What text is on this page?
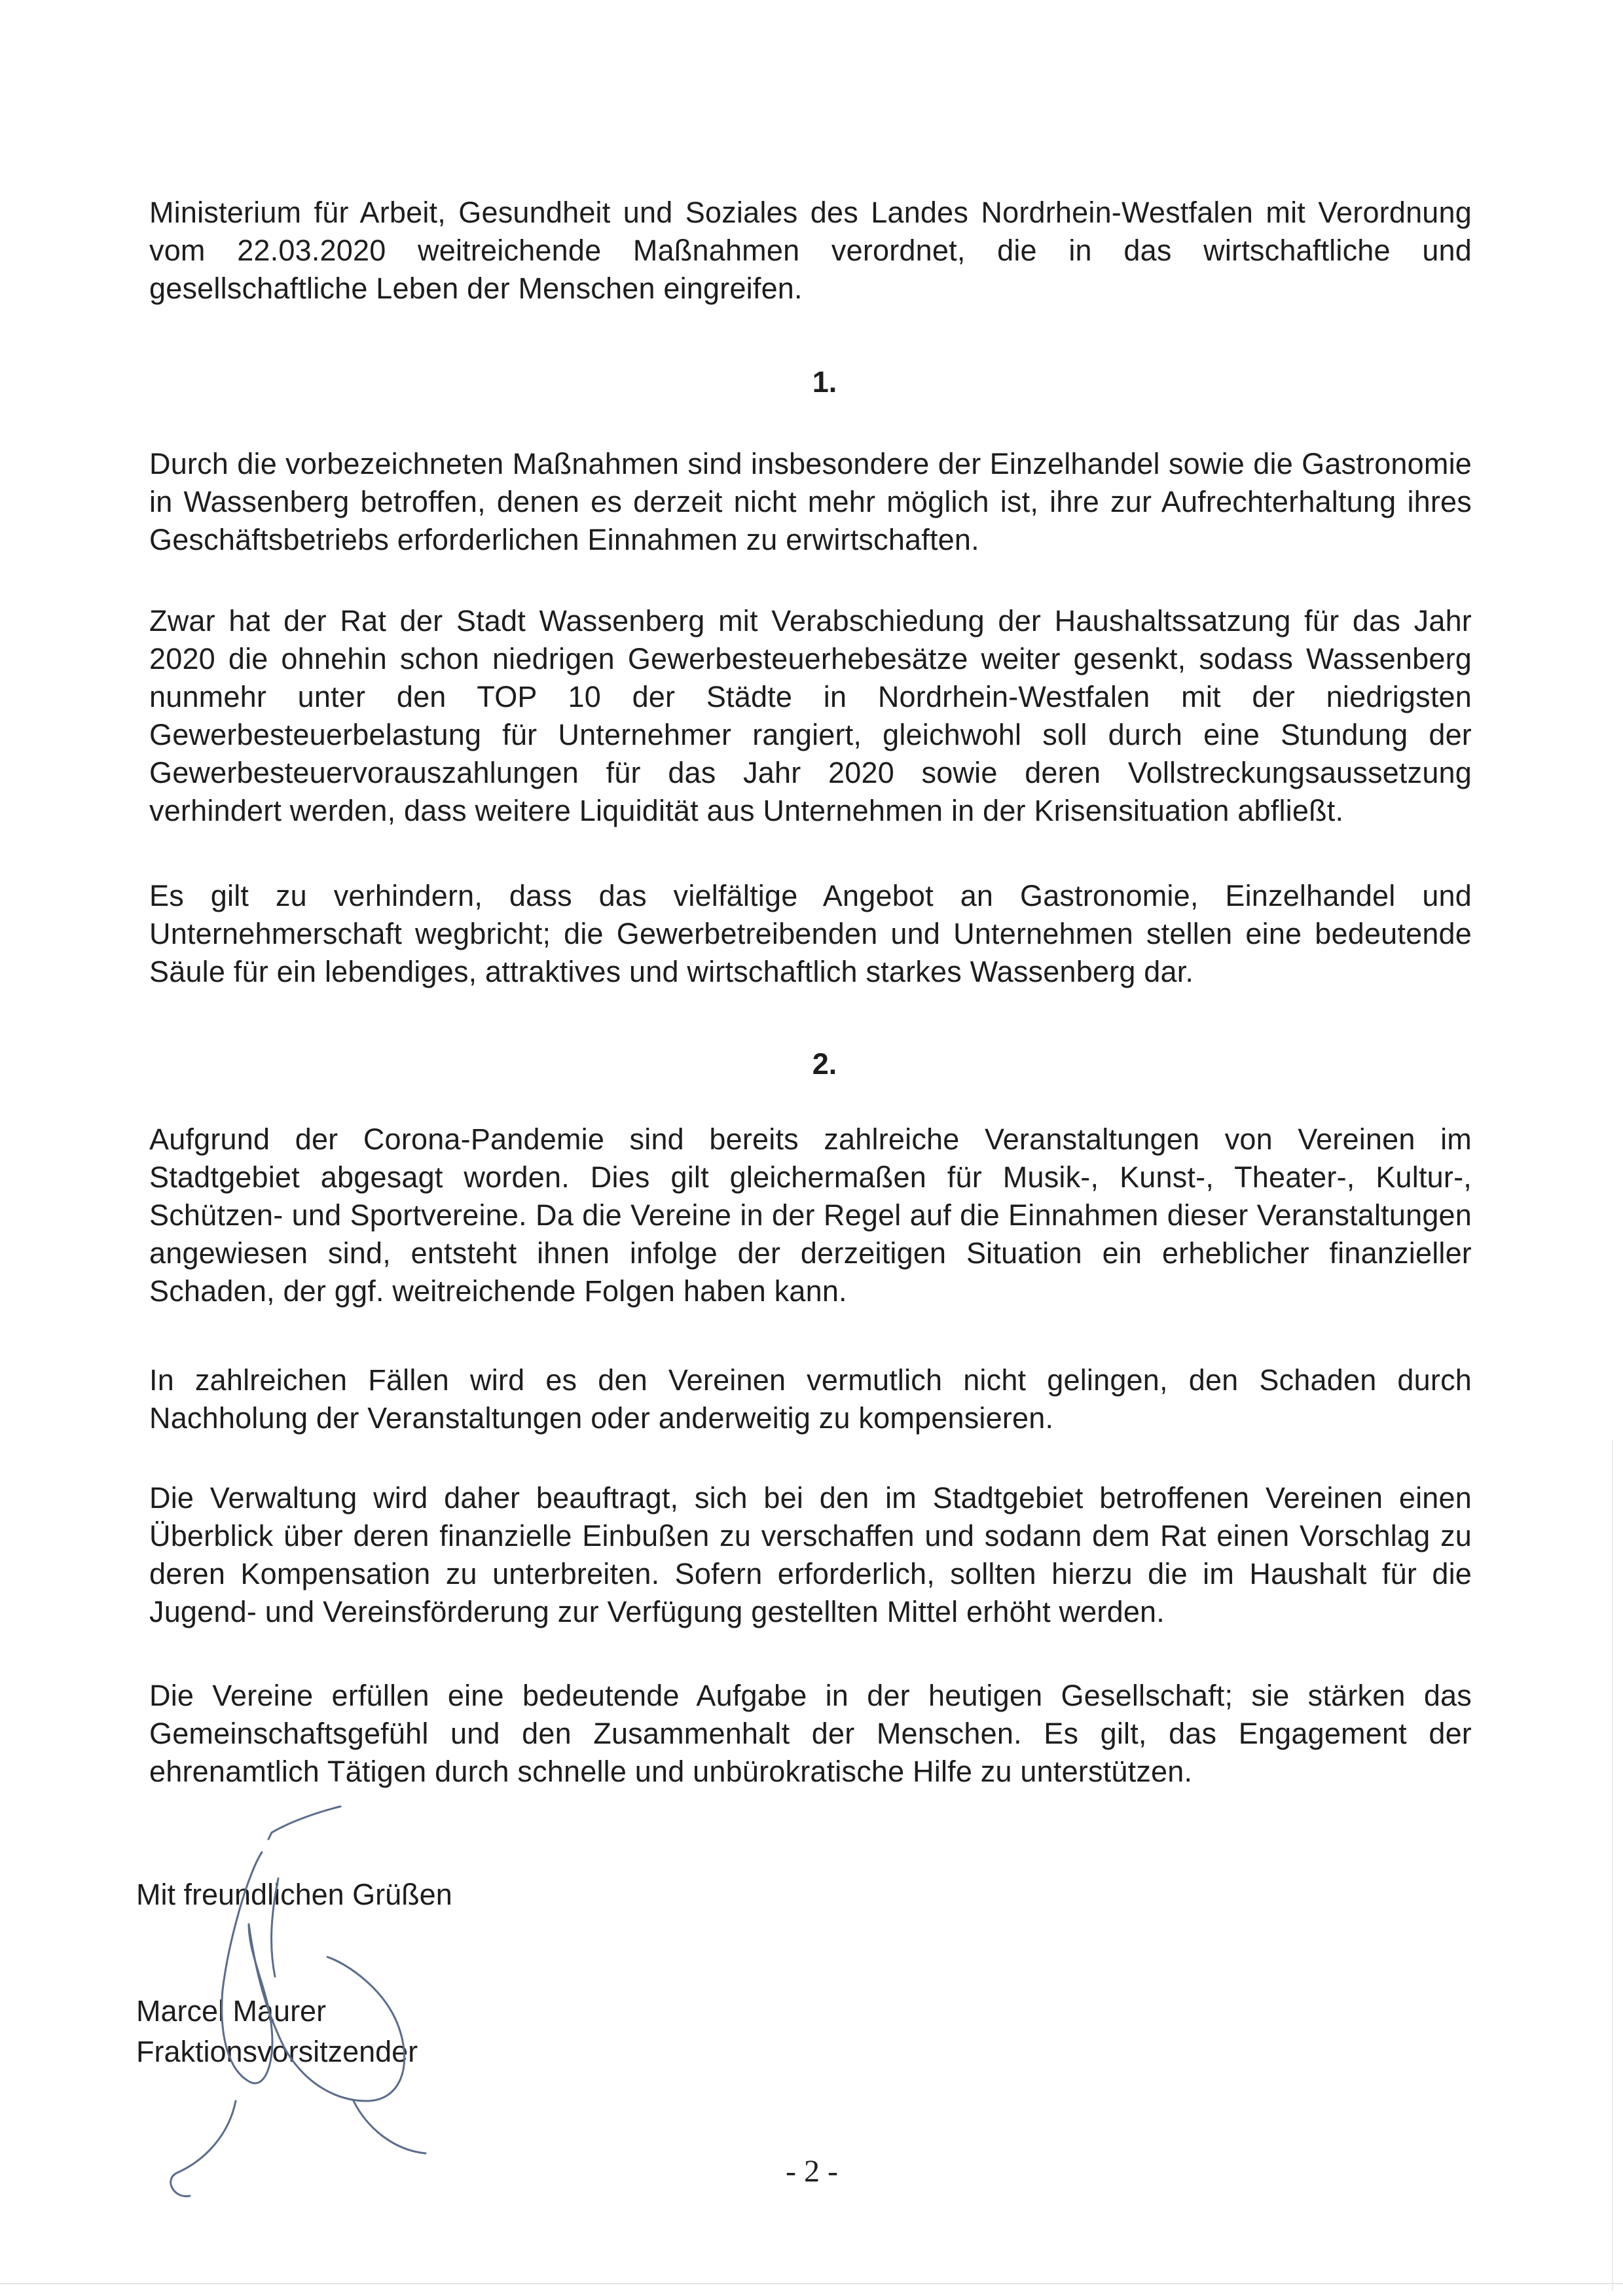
Ministerium für Arbeit, Gesundheit und Soziales des Landes Nordrhein-Westfalen mit Verordnung vom 22.03.2020 weitreichende Maßnahmen verordnet, die in das wirtschaftliche und gesellschaftliche Leben der Menschen eingreifen.

1.

Durch die vorbezeichneten Maßnahmen sind insbesondere der Einzelhandel sowie die Gastronomie in Wassenberg betroffen, denen es derzeit nicht mehr möglich ist, ihre zur Aufrechterhaltung ihres Geschäftsbetriebs erforderlichen Einnahmen zu erwirtschaften.

Zwar hat der Rat der Stadt Wassenberg mit Verabschiedung der Haushaltssatzung für das Jahr 2020 die ohnehin schon niedrigen Gewerbesteuerhebesätze weiter gesenkt, sodass Wassenberg nunmehr unter den TOP 10 der Städte in Nordrhein-Westfalen mit der niedrigsten Gewerbesteuerbelastung für Unternehmer rangiert, gleichwohl soll durch eine Stundung der Gewerbesteuervorauszahlungen für das Jahr 2020 sowie deren Vollstreckungsaussetzung verhindert werden, dass weitere Liquidität aus Unternehmen in der Krisensituation abfließt.

Es gilt zu verhindern, dass das vielfältige Angebot an Gastronomie, Einzelhandel und Unternehmerschaft wegbricht; die Gewerbetreibenden und Unternehmen stellen eine bedeutende Säule für ein lebendiges, attraktives und wirtschaftlich starkes Wassenberg dar.

2.

Aufgrund der Corona-Pandemie sind bereits zahlreiche Veranstaltungen von Vereinen im Stadtgebiet abgesagt worden. Dies gilt gleichermaßen für Musik-, Kunst-, Theater-, Kultur-, Schützen- und Sportvereine. Da die Vereine in der Regel auf die Einnahmen dieser Veranstaltungen angewiesen sind, entsteht ihnen infolge der derzeitigen Situation ein erheblicher finanzieller Schaden, der ggf. weitreichende Folgen haben kann.

In zahlreichen Fällen wird es den Vereinen vermutlich nicht gelingen, den Schaden durch Nachholung der Veranstaltungen oder anderweitig zu kompensieren.

Die Verwaltung wird daher beauftragt, sich bei den im Stadtgebiet betroffenen Vereinen einen Überblick über deren finanzielle Einbußen zu verschaffen und sodann dem Rat einen Vorschlag zu deren Kompensation zu unterbreiten. Sofern erforderlich, sollten hierzu die im Haushalt für die Jugend- und Vereinsförderung zur Verfügung gestellten Mittel erhöht werden.

Die Vereine erfüllen eine bedeutende Aufgabe in der heutigen Gesellschaft; sie stärken das Gemeinschaftsgefühl und den Zusammenhalt der Menschen. Es gilt, das Engagement der ehrenamtlich Tätigen durch schnelle und unbürokratische Hilfe zu unterstützen.

Mit freundlichen Grüßen
Marcel Maurer
Fraktionsvorsitzender
- 2 -
